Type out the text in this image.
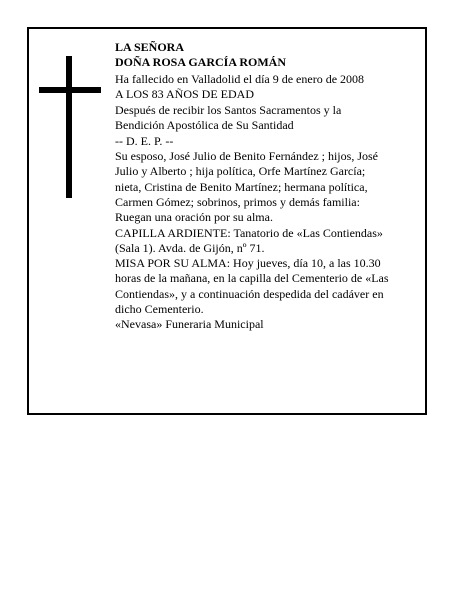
LA SEÑORA
DOÑA ROSA GARCÍA ROMÁN
Ha fallecido en Valladolid el día 9 de enero de 2008
A LOS 83 AÑOS DE EDAD
Después de recibir los Santos Sacramentos y la
Bendición Apostólica de Su Santidad
-- D. E. P. --
Su esposo, José Julio de Benito Fernández ; hijos, José
Julio y Alberto ; hija política, Orfe Martínez García;
nieta, Cristina de Benito Martínez; hermana política,
Carmen Gómez; sobrinos, primos y demás familia:
Ruegan una oración por su alma.
CAPILLA ARDIENTE: Tanatorio de «Las Contiendas»
(Sala 1). Avda. de Gijón, nº 71.
MISA POR SU ALMA: Hoy jueves, día 10, a las 10.30
horas de la mañana, en la capilla del Cementerio de «Las
Contiendas», y a continuación despedida del cadáver en
dicho Cementerio.
«Nevasa» Funeraria Municipal
